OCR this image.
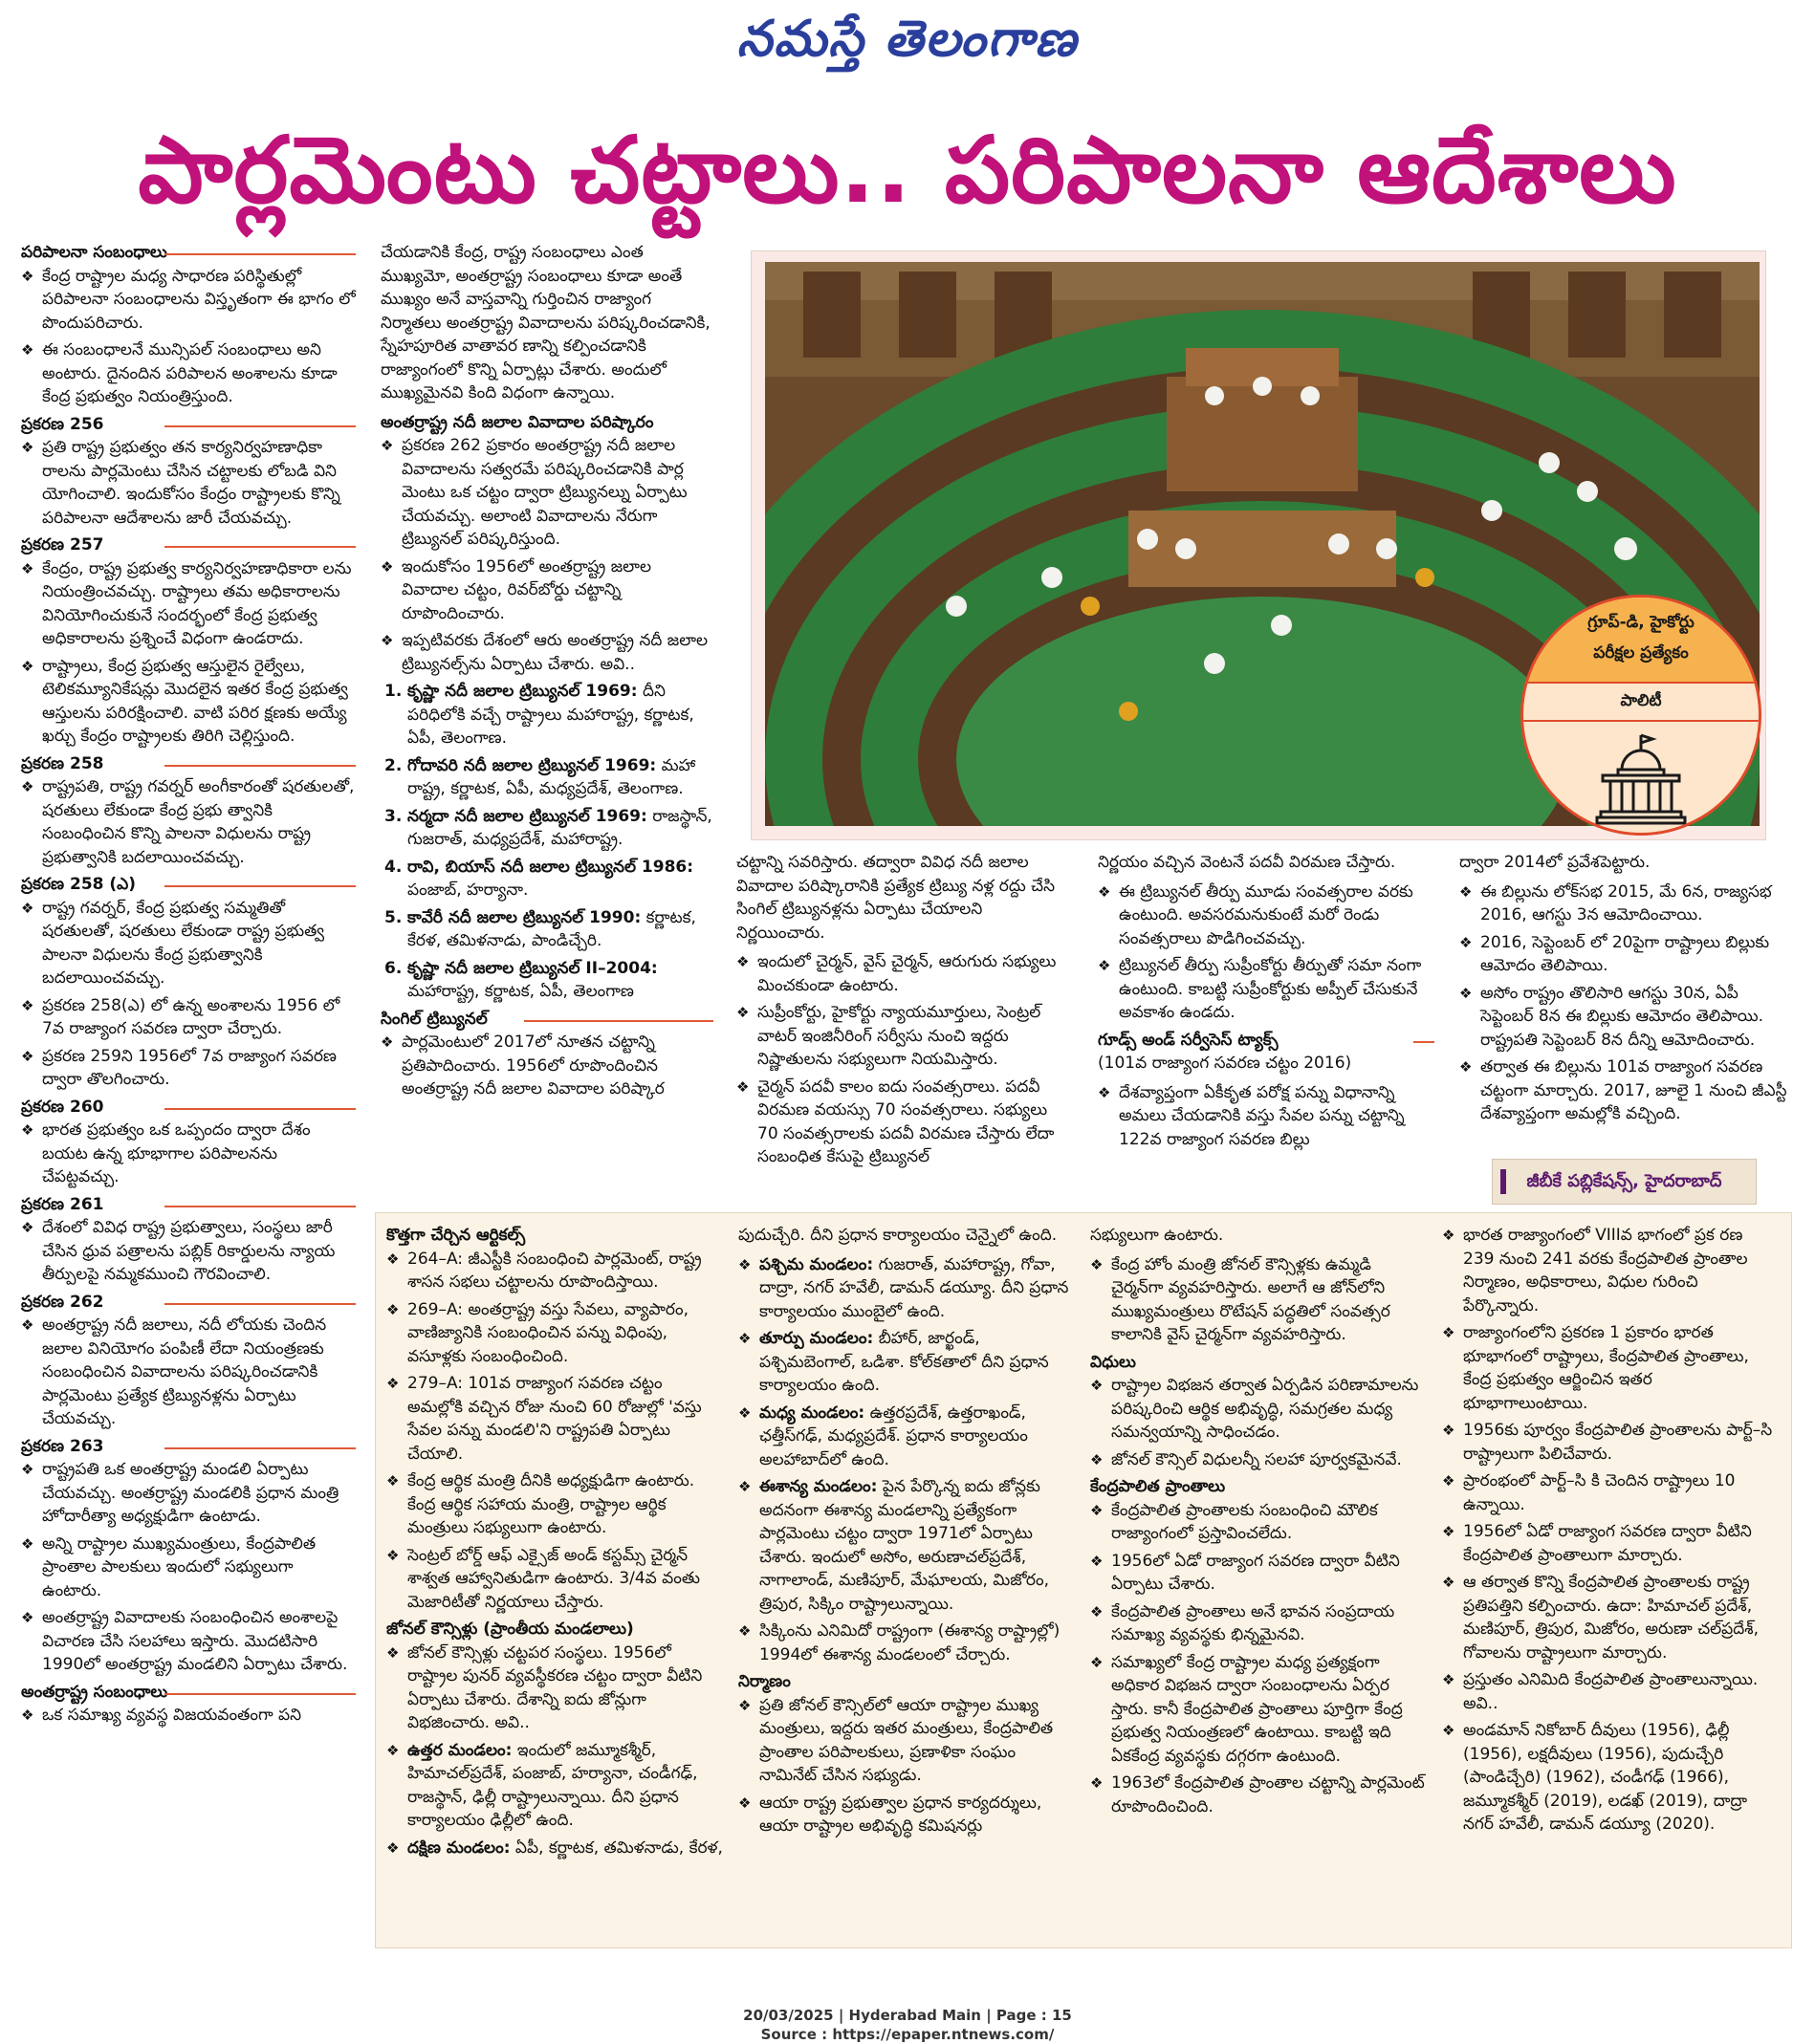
నమస్తే తెలంగాణ
పార్లమెంటు చట్టాలు.. పరిపాలనా ఆదేశాలు
పరిపాలనా సంబంధాలు
❖ కేంద్ర రాష్ట్రాల మధ్య సాధారణ పరిస్థితుల్లో పరిపాలనా సంబంధాలను విస్తృతంగా ఈ భాగం లో పొందుపరిచారు.
❖ ఈ సంబంధాలనే మున్సిపల్ సంబంధాలు అని అంటారు. దైనందిన పరిపాలన అంశాలను కూడా కేంద్ర ప్రభుత్వం నియంత్రిస్తుంది.
ప్రకరణ 256
❖ ప్రతి రాష్ట్ర ప్రభుత్వం తన కార్యనిర్వహణాధికా రాలను పార్లమెంటు చేసిన చట్టాలకు లోబడి విని యోగించాలి. ఇందుకోసం కేంద్రం రాష్ట్రాలకు కొన్ని పరిపాలనా ఆదేశాలను జారీ చేయవచ్చు.
ప్రకరణ 257
❖ కేంద్రం, రాష్ట్ర ప్రభుత్వ కార్యనిర్వహణాధికారా లను నియంత్రించవచ్చు. రాష్ట్రాలు తమ అధికారాలను వినియోగించుకునే సందర్భంలో కేంద్ర ప్రభుత్వ అధికారాలను ప్రశ్నించే విధంగా ఉండరాదు.
❖ రాష్ట్రాలు, కేంద్ర ప్రభుత్వ ఆస్తులైన రైల్వేలు, టెలికమ్యూనికేషన్లు మొదలైన ఇతర కేంద్ర ప్రభుత్వ ఆస్తులను పరిరక్షించాలి. వాటి పరిర క్షణకు అయ్యే ఖర్చు కేంద్రం రాష్ట్రాలకు తిరిగి చెల్లిస్తుంది.
ప్రకరణ 258
❖ రాష్ట్రపతి, రాష్ట్ర గవర్నర్ అంగీకారంతో షరతులతో, షరతులు లేకుండా కేంద్ర ప్రభు త్వానికి సంబంధించిన కొన్ని పాలనా విధులను రాష్ట్ర ప్రభుత్వానికి బదలాయించవచ్చు.
ప్రకరణ 258 (ఎ)
❖ రాష్ట్ర గవర్నర్, కేంద్ర ప్రభుత్వ సమ్మతితో షరతులతో, షరతులు లేకుండా రాష్ట్ర ప్రభుత్వ పాలనా విధులను కేంద్ర ప్రభుత్వానికి బదలాయించవచ్చు.
❖ ప్రకరణ 258(ఎ) లో ఉన్న అంశాలను 1956 లో 7వ రాజ్యాంగ సవరణ ద్వారా చేర్చారు.
❖ ప్రకరణ 259ని 1956లో 7వ రాజ్యాంగ సవరణ ద్వారా తొలగించారు.
ప్రకరణ 260
❖ భారత ప్రభుత్వం ఒక ఒప్పందం ద్వారా దేశం బయట ఉన్న భూభాగాల పరిపాలనను చేపట్టవచ్చు.
ప్రకరణ 261
❖ దేశంలో వివిధ రాష్ట్ర ప్రభుత్వాలు, సంస్థలు జారీ చేసిన ధ్రువ పత్రాలను పబ్లిక్ రికార్డులను న్యాయ తీర్పులపై నమ్మకముంచి గౌరవించాలి.
ప్రకరణ 262
❖ అంతర్రాష్ట్ర నదీ జలాలు, నదీ లోయకు చెందిన జలాల వినియోగం పంపిణీ లేదా నియంత్రణకు సంబంధించిన వివాదాలను పరిష్కరించడానికి పార్లమెంటు ప్రత్యేక ట్రిబ్యునళ్లను ఏర్పాటు చేయవచ్చు.
ప్రకరణ 263
❖ రాష్ట్రపతి ఒక అంతర్రాష్ట్ర మండలి ఏర్పాటు చేయవచ్చు. అంతర్రాష్ట్ర మండలికి ప్రధాన మంత్రి హోదారీత్యా అధ్యక్షుడిగా ఉంటాడు.
❖ అన్ని రాష్ట్రాల ముఖ్యమంత్రులు, కేంద్రపాలిత ప్రాంతాల పాలకులు ఇందులో సభ్యులుగా ఉంటారు.
❖ అంతర్రాష్ట్ర వివాదాలకు సంబంధించిన అంశాలపై విచారణ చేసి సలహాలు ఇస్తారు. మొదటిసారి 1990లో అంతర్రాష్ట్ర మండలిని ఏర్పాటు చేశారు.
అంతర్రాష్ట్ర సంబంధాలు
❖ ఒక సమాఖ్య వ్యవస్థ విజయవంతంగా పని

చేయడానికి కేంద్ర, రాష్ట్ర సంబంధాలు ఎంత ముఖ్యమో, అంతర్రాష్ట్ర సంబంధాలు కూడా అంతే ముఖ్యం అనే వాస్తవాన్ని గుర్తించిన రాజ్యాంగ నిర్మాతలు అంతర్రాష్ట్ర వివాదాలను పరిష్కరించడానికి, స్నేహపూరిత వాతావర ణాన్ని కల్పించడానికి రాజ్యాంగంలో కొన్ని ఏర్పాట్లు చేశారు. అందులో ముఖ్యమైనవి కింది విధంగా ఉన్నాయి.

అంతర్రాష్ట్ర నదీ జలాల వివాదాల పరిష్కారం
❖ ప్రకరణ 262 ప్రకారం అంతర్రాష్ట్ర నదీ జలాల వివాదాలను సత్వరమే పరిష్కరించడానికి పార్ల మెంటు ఒక చట్టం ద్వారా ట్రిబ్యునల్ను ఏర్పాటు చేయవచ్చు. అలాంటి వివాదాలను నేరుగా ట్రిబ్యునల్ పరిష్కరిస్తుంది.
❖ ఇందుకోసం 1956లో అంతర్రాష్ట్ర జలాల వివాదాల చట్టం, రివర్‌బోర్డు చట్టాన్ని రూపొందించారు.
❖ ఇప్పటివరకు దేశంలో ఆరు అంతర్రాష్ట్ర నదీ జలాల ట్రిబ్యునల్స్‌ను ఏర్పాటు చేశారు. అవి..
1. కృష్ణా నదీ జలాల ట్రిబ్యునల్ 1969: దీని పరిధిలోకి వచ్చే రాష్ట్రాలు మహారాష్ట్ర, కర్ణాటక, ఏపీ, తెలంగాణ.
2. గోదావరి నదీ జలాల ట్రిబ్యునల్ 1969: మహా రాష్ట్ర, కర్ణాటక, ఏపీ, మధ్యప్రదేశ్, తెలంగాణ.
3. నర్మదా నదీ జలాల ట్రిబ్యునల్ 1969: రాజస్థాన్, గుజరాత్, మధ్యప్రదేశ్, మహారాష్ట్ర.
4. రావి, బియాస్ నదీ జలాల ట్రిబ్యునల్ 1986: పంజాబ్, హర్యానా.
5. కావేరీ నదీ జలాల ట్రిబ్యునల్ 1990: కర్ణాటక, కేరళ, తమిళనాడు, పాండిచ్చేరి.
6. కృష్ణా నదీ జలాల ట్రిబ్యునల్ II–2004: మహారాష్ట్ర, కర్ణాటక, ఏపీ, తెలంగాణ
సింగిల్ ట్రిబ్యునల్
❖ పార్లమెంటులో 2017లో నూతన చట్టాన్ని ప్రతిపాదించారు. 1956లో రూపొందించిన అంతర్రాష్ట్ర నదీ జలాల వివాదాల పరిష్కార
గ్రూప్-డి, హైకోర్టు
పరీక్షల ప్రత్యేకం
పాలిటీ

చట్టాన్ని సవరిస్తారు. తద్వారా వివిధ నదీ జలాల వివాదాల పరిష్కారానికి ప్రత్యేక ట్రిబ్యు నళ్ల రద్దు చేసి సింగిల్ ట్రిబ్యునళ్లను ఏర్పాటు చేయాలని నిర్ణయించారు.

❖ ఇందులో చైర్మన్, వైస్ చైర్మన్, ఆరుగురు సభ్యులు మించకుండా ఉంటారు.
❖ సుప్రీంకోర్టు, హైకోర్టు న్యాయమూర్తులు, సెంట్రల్ వాటర్ ఇంజినీరింగ్ సర్వీసు నుంచి ఇద్దరు నిష్ణాతులను సభ్యులుగా నియమిస్తారు.
❖ చైర్మన్ పదవీ కాలం ఐదు సంవత్సరాలు. పదవీ విరమణ వయస్సు 70 సంవత్సరాలు. సభ్యులు 70 సంవత్సరాలకు పదవీ విరమణ చేస్తారు లేదా సంబంధిత కేసుపై ట్రిబ్యునల్

నిర్ణయం వచ్చిన వెంటనే పదవీ విరమణ చేస్తారు.

❖ ఈ ట్రిబ్యునల్ తీర్పు మూడు సంవత్సరాల వరకు ఉంటుంది. అవసరమనుకుంటే మరో రెండు సంవత్సరాలు పొడిగించవచ్చు.
❖ ట్రిబ్యునల్ తీర్పు సుప్రీంకోర్టు తీర్పుతో సమా నంగా ఉంటుంది. కాబట్టి సుప్రీంకోర్టుకు అప్పీల్ చేసుకునే అవకాశం ఉండదు.
గూడ్స్ అండ్ సర్వీసెస్ ట్యాక్స్

(101వ రాజ్యాంగ సవరణ చట్టం 2016)

❖ దేశవ్యాప్తంగా ఏకీకృత పరోక్ష పన్ను విధానాన్ని అమలు చేయడానికి వస్తు సేవల పన్ను చట్టాన్ని 122వ రాజ్యాంగ సవరణ బిల్లు

ద్వారా 2014లో ప్రవేశపెట్టారు.

❖ ఈ బిల్లును లోక్‌సభ 2015, మే 6న, రాజ్యసభ 2016, ఆగస్టు 3న ఆమోదించాయి.
❖ 2016, సెప్టెంబర్ లో 20పైగా రాష్ట్రాలు బిల్లుకు ఆమోదం తెలిపాయి.
❖ అసోం రాష్ట్రం తొలిసారి ఆగస్టు 30న, ఏపీ సెప్టెంబర్ 8న ఈ బిల్లుకు ఆమోదం తెలిపాయి. రాష్ట్రపతి సెప్టెంబర్ 8న దీన్ని ఆమోదించారు.
❖ తర్వాత ఈ బిల్లును 101వ రాజ్యాంగ సవరణ చట్టంగా మార్చారు. 2017, జూలై 1 నుంచి జీఎస్టీ దేశవ్యాప్తంగా అమల్లోకి వచ్చింది.
జీబీకే పబ్లికేషన్స్, హైదరాబాద్
కొత్తగా చేర్చిన ఆర్టికల్స్
❖ 264–A: జీఎస్టీకి సంబంధించి పార్లమెంట్, రాష్ట్ర శాసన సభలు చట్టాలను రూపొందిస్తాయి.
❖ 269–A: అంతర్రాష్ట్ర వస్తు సేవలు, వ్యాపారం, వాణిజ్యానికి సంబంధించిన పన్ను విధింపు, వసూళ్లకు సంబంధించింది.
❖ 279–A: 101వ రాజ్యాంగ సవరణ చట్టం అమల్లోకి వచ్చిన రోజు నుంచి 60 రోజుల్లో 'వస్తు సేవల పన్ను మండలి'ని రాష్ట్రపతి ఏర్పాటు చేయాలి.
❖ కేంద్ర ఆర్థిక మంత్రి దీనికి అధ్యక్షుడిగా ఉంటారు. కేంద్ర ఆర్థిక సహాయ మంత్రి, రాష్ట్రాల ఆర్థిక మంత్రులు సభ్యులుగా ఉంటారు.
❖ సెంట్రల్ బోర్డ్ ఆఫ్ ఎక్సైజ్ అండ్ కస్టమ్స్ చైర్మన్ శాశ్వత ఆహ్వానితుడిగా ఉంటారు. 3/4వ వంతు మెజారిటీతో నిర్ణయాలు చేస్తారు.
జోనల్ కౌన్సిళ్లు (ప్రాంతీయ మండలాలు)
❖ జోనల్ కౌన్సిళ్లు చట్టపర సంస్థలు. 1956లో రాష్ట్రాల పునర్ వ్యవస్థీకరణ చట్టం ద్వారా వీటిని ఏర్పాటు చేశారు. దేశాన్ని ఐదు జోన్లుగా విభజించారు. అవి..
❖ ఉత్తర మండలం: ఇందులో జమ్మూకశ్మీర్, హిమాచల్‌ప్రదేశ్, పంజాబ్, హర్యానా, చండీగఢ్, రాజస్థాన్, ఢిల్లీ రాష్ట్రాలున్నాయి. దీని ప్రధాన కార్యాలయం ఢిల్లీలో ఉంది.
❖ దక్షిణ మండలం: ఏపీ, కర్ణాటక, తమిళనాడు, కేరళ,

పుదుచ్చేరి. దీని ప్రధాన కార్యాలయం చెన్నైలో ఉంది.

❖ పశ్చిమ మండలం: గుజరాత్, మహారాష్ట్ర, గోవా, దాద్రా, నగర్ హవేలీ, డామన్ డయ్యూ. దీని ప్రధాన కార్యాలయం ముంబైలో ఉంది.
❖ తూర్పు మండలం: బీహార్, జార్ఖండ్, పశ్చిమబెంగాల్, ఒడిశా. కోల్‌కతాలో దీని ప్రధాన కార్యాలయం ఉంది.
❖ మధ్య మండలం: ఉత్తరప్రదేశ్, ఉత్తరాఖండ్, ఛత్తీస్‌గఢ్, మధ్యప్రదేశ్. ప్రధాన కార్యాలయం అలహాబాద్‌లో ఉంది.
❖ ఈశాన్య మండలం: పైన పేర్కొన్న ఐదు జోన్లకు అదనంగా ఈశాన్య మండలాన్ని ప్రత్యేకంగా పార్లమెంటు చట్టం ద్వారా 1971లో ఏర్పాటు చేశారు. ఇందులో అసోం, అరుణాచల్‌ప్రదేశ్, నాగాలాండ్, మణిపూర్, మేఘాలయ, మిజోరం, త్రిపుర, సిక్కిం రాష్ట్రాలున్నాయి.
❖ సిక్కింను ఎనిమిదో రాష్ట్రంగా (ఈశాన్య రాష్ట్రాల్లో) 1994లో ఈశాన్య మండలంలో చేర్చారు.
నిర్మాణం
❖ ప్రతి జోనల్ కౌన్సిల్‌లో ఆయా రాష్ట్రాల ముఖ్య మంత్రులు, ఇద్దరు ఇతర మంత్రులు, కేంద్రపాలిత ప్రాంతాల పరిపాలకులు, ప్రణాళికా సంఘం నామినేట్ చేసిన సభ్యుడు.
❖ ఆయా రాష్ట్ర ప్రభుత్వాల ప్రధాన కార్యదర్శులు, ఆయా రాష్ట్రాల అభివృద్ధి కమిషనర్లు

సభ్యులుగా ఉంటారు.

❖ కేంద్ర హోం మంత్రి జోనల్ కౌన్సిళ్లకు ఉమ్మడి చైర్మన్‌గా వ్యవహరిస్తారు. అలాగే ఆ జోన్‌లోని ముఖ్యమంత్రులు రొటేషన్ పద్ధతిలో సంవత్సర కాలానికి వైస్ చైర్మన్‌గా వ్యవహరిస్తారు.
విధులు
❖ రాష్ట్రాల విభజన తర్వాత ఏర్పడిన పరిణామాలను పరిష్కరించి ఆర్థిక అభివృద్ధి, సమగ్రతల మధ్య సమన్వయాన్ని సాధించడం.
❖ జోనల్ కౌన్సిల్ విధులన్నీ సలహా పూర్వకమైనవే.
కేంద్రపాలిత ప్రాంతాలు
❖ కేంద్రపాలిత ప్రాంతాలకు సంబంధించి మౌలిక రాజ్యాంగంలో ప్రస్తావించలేదు.
❖ 1956లో ఏడో రాజ్యాంగ సవరణ ద్వారా వీటిని ఏర్పాటు చేశారు.
❖ కేంద్రపాలిత ప్రాంతాలు అనే భావన సంప్రదాయ సమాఖ్య వ్యవస్థకు భిన్నమైనవి.
❖ సమాఖ్యలో కేంద్ర రాష్ట్రాల మధ్య ప్రత్యక్షంగా అధికార విభజన ద్వారా సంబంధాలను ఏర్పర స్తారు. కానీ కేంద్రపాలిత ప్రాంతాలు పూర్తిగా కేంద్ర ప్రభుత్వ నియంత్రణలో ఉంటాయి. కాబట్టి ఇది ఏకకేంద్ర వ్యవస్థకు దగ్గరగా ఉంటుంది.
❖ 1963లో కేంద్రపాలిత ప్రాంతాల చట్టాన్ని పార్లమెంట్ రూపొందించింది.
❖ భారత రాజ్యాంగంలో VIIIవ భాగంలో ప్రక రణ 239 నుంచి 241 వరకు కేంద్రపాలిత ప్రాంతాల నిర్మాణం, అధికారాలు, విధుల గురించి పేర్కొన్నారు.
❖ రాజ్యాంగంలోని ప్రకరణ 1 ప్రకారం భారత భూభాగంలో రాష్ట్రాలు, కేంద్రపాలిత ప్రాంతాలు, కేంద్ర ప్రభుత్వం ఆర్జించిన ఇతర భూభాగాలుంటాయి.
❖ 1956కు పూర్వం కేంద్రపాలిత ప్రాంతాలను పార్ట్–సి రాష్ట్రాలుగా పిలిచేవారు.
❖ ప్రారంభంలో పార్ట్–సి కి చెందిన రాష్ట్రాలు 10 ఉన్నాయి.
❖ 1956లో ఏడో రాజ్యాంగ సవరణ ద్వారా వీటిని కేంద్రపాలిత ప్రాంతాలుగా మార్చారు.
❖ ఆ తర్వాత కొన్ని కేంద్రపాలిత ప్రాంతాలకు రాష్ట్ర ప్రతిపత్తిని కల్పించారు. ఉదా: హిమాచల్ ప్రదేశ్, మణిపూర్, త్రిపుర, మిజోరం, అరుణా చల్‌ప్రదేశ్, గోవాలను రాష్ట్రాలుగా మార్చారు.
❖ ప్రస్తుతం ఎనిమిది కేంద్రపాలిత ప్రాంతాలున్నాయి. అవి..
❖ అండమాన్ నికోబార్ దీవులు (1956), ఢిల్లీ (1956), లక్షదీవులు (1956), పుదుచ్చేరి (పాండిచ్చేరి) (1962), చండీగఢ్ (1966), జమ్మూకశ్మీర్ (2019), లడఖ్ (2019), దాద్రా నగర్ హవేలీ, డామన్ డయ్యూ (2020).
20/03/2025 | Hyderabad Main | Page : 15
Source : https://epaper.ntnews.com/
